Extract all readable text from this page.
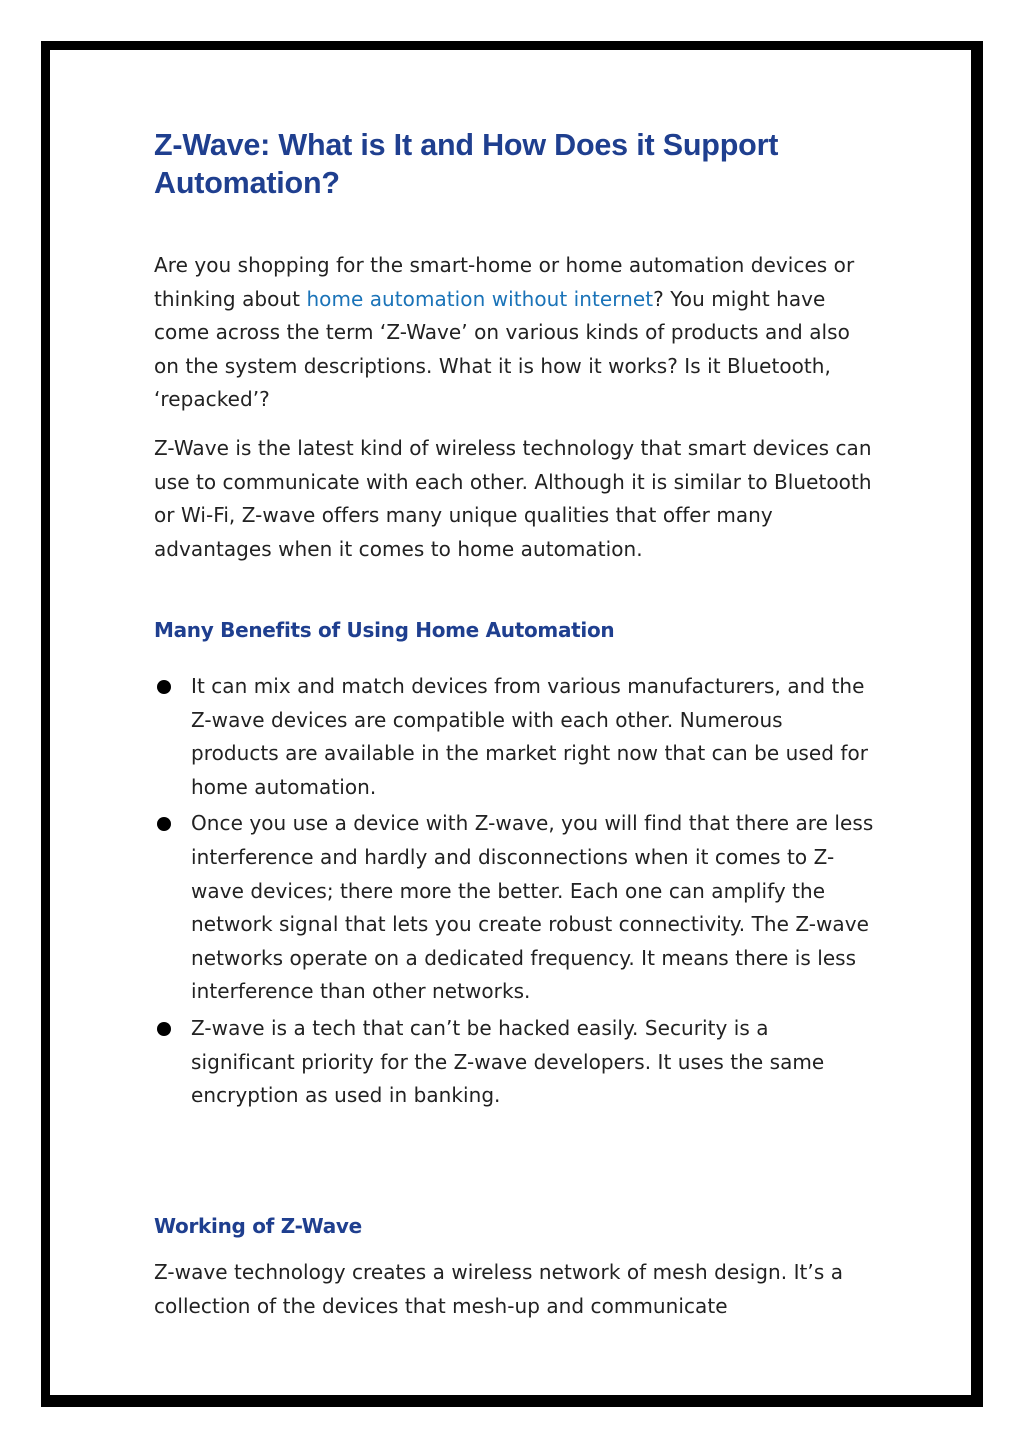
Z-Wave: What is It and How Does it Support Automation?

Are you shopping for the smart-home or home automation devices or thinking about home automation without internet? You might have come across the term ‘Z-Wave’ on various kinds of products and also on the system descriptions. What it is how it works? Is it Bluetooth, ‘repacked’?

Z-Wave is the latest kind of wireless technology that smart devices can use to communicate with each other. Although it is similar to Bluetooth or Wi-Fi, Z-wave offers many unique qualities that offer many advantages when it comes to home automation.

Many Benefits of Using Home Automation
It can mix and match devices from various manufacturers, and the Z-wave devices are compatible with each other. Numerous products are available in the market right now that can be used for home automation.
Once you use a device with Z-wave, you will find that there are less interference and hardly and disconnections when it comes to Z-wave devices; there more the better. Each one can amplify the network signal that lets you create robust connectivity. The Z-wave networks operate on a dedicated frequency. It means there is less interference than other networks.
Z-wave is a tech that can’t be hacked easily. Security is a significant priority for the Z-wave developers. It uses the same encryption as used in banking.
Working of Z-Wave

Z-wave technology creates a wireless network of mesh design. It’s a collection of the devices that mesh-up and communicate
